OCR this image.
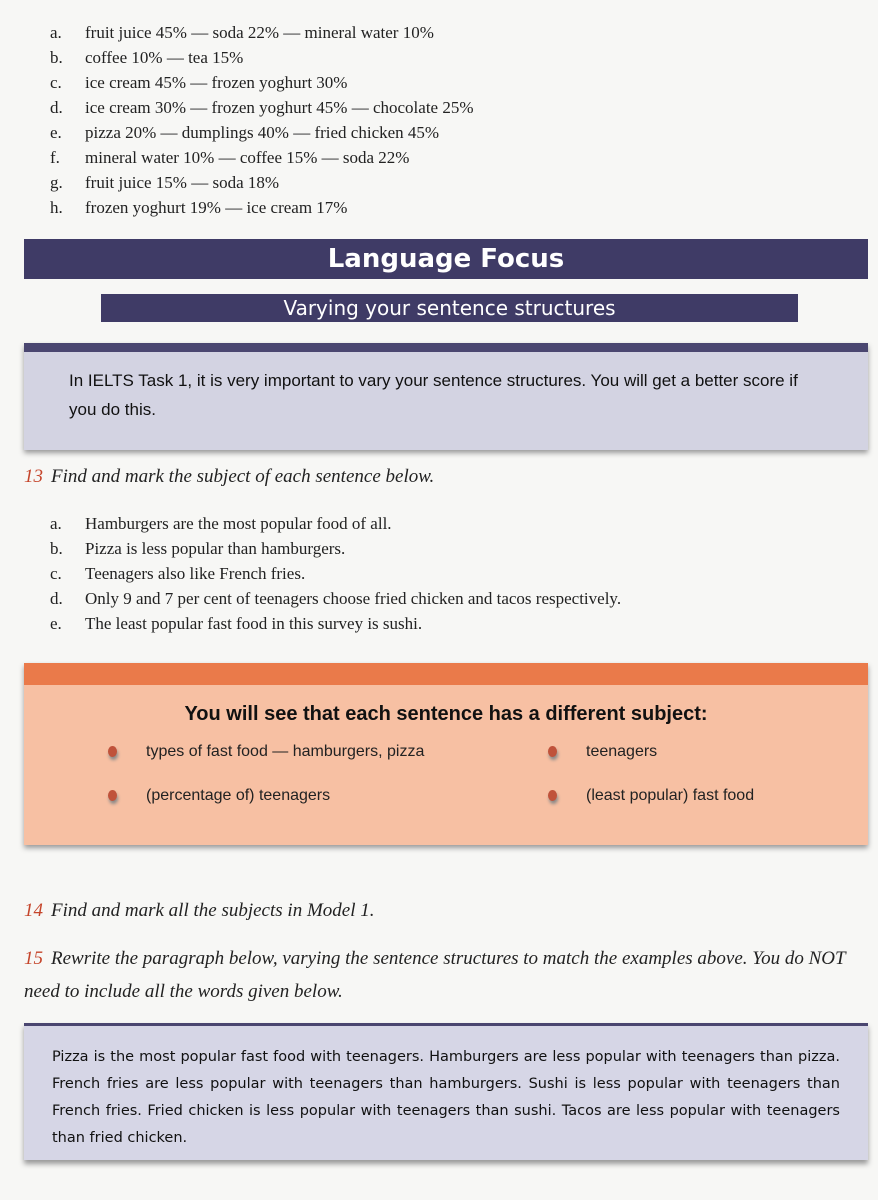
a. fruit juice 45% — soda 22% — mineral water 10%
b. coffee 10% — tea 15%
c. ice cream 45% — frozen yoghurt 30%
d. ice cream 30% — frozen yoghurt 45% — chocolate 25%
e. pizza 20% — dumplings 40% — fried chicken 45%
f. mineral water 10% — coffee 15% — soda 22%
g. fruit juice 15% — soda 18%
h. frozen yoghurt 19% — ice cream 17%
Language Focus
Varying your sentence structures

In IELTS Task 1, it is very important to vary your sentence structures. You will get a better score if you do this.

13 Find and mark the subject of each sentence below.
a. Hamburgers are the most popular food of all.
b. Pizza is less popular than hamburgers.
c. Teenagers also like French fries.
d. Only 9 and 7 per cent of teenagers choose fried chicken and tacos respectively.
e. The least popular fast food in this survey is sushi.
You will see that each sentence has a different subject:
types of fast food — hamburgers, pizza	teenagers
(percentage of) teenagers	(least popular) fast food
14 Find and mark all the subjects in Model 1.
15 Rewrite the paragraph below, varying the sentence structures to match the examples above. You do NOT need to include all the words given below.

Pizza is the most popular fast food with teenagers. Hamburgers are less popular with teenagers than pizza. French fries are less popular with teenagers than hamburgers. Sushi is less popular with teenagers than French fries. Fried chicken is less popular with teenagers than sushi. Tacos are less popular with teenagers than fried chicken.
